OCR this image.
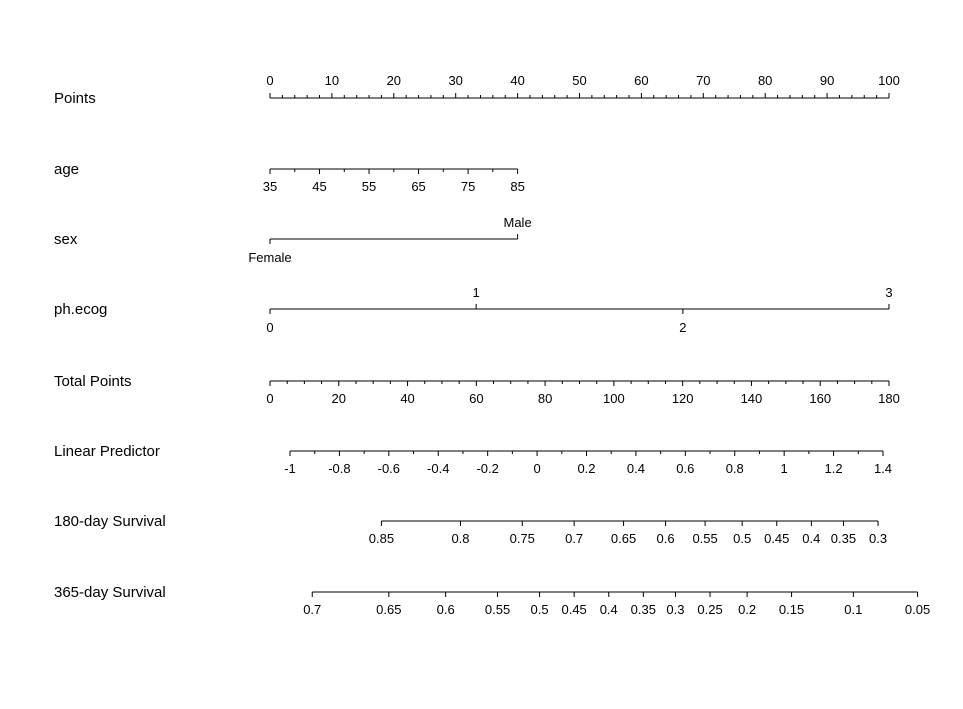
Points
0	10	20	30	40	50	60	70	80	90	100
age
35	45	55	65	75	85
sex
Female
Male
ph.ecog
0
1
2
3
Total Points
0	20	40	60	80	100	120	140	160	180
Linear Predictor
-1 -0.8 -0.6 -0.4 -0.2	0	0.2 0.4 0.6 0.8	1	1.2 1.4
180-day Survival
0.85	0.8	0.75 0.7 0.65 0.6 0.55 0.5 0.45 0.4 0.35 0.3
365-day Survival
0.7	0.65	0.6 0.55 0.5 0.45 0.4 0.35 0.3 0.25 0.2 0.15	0.1	0.05
